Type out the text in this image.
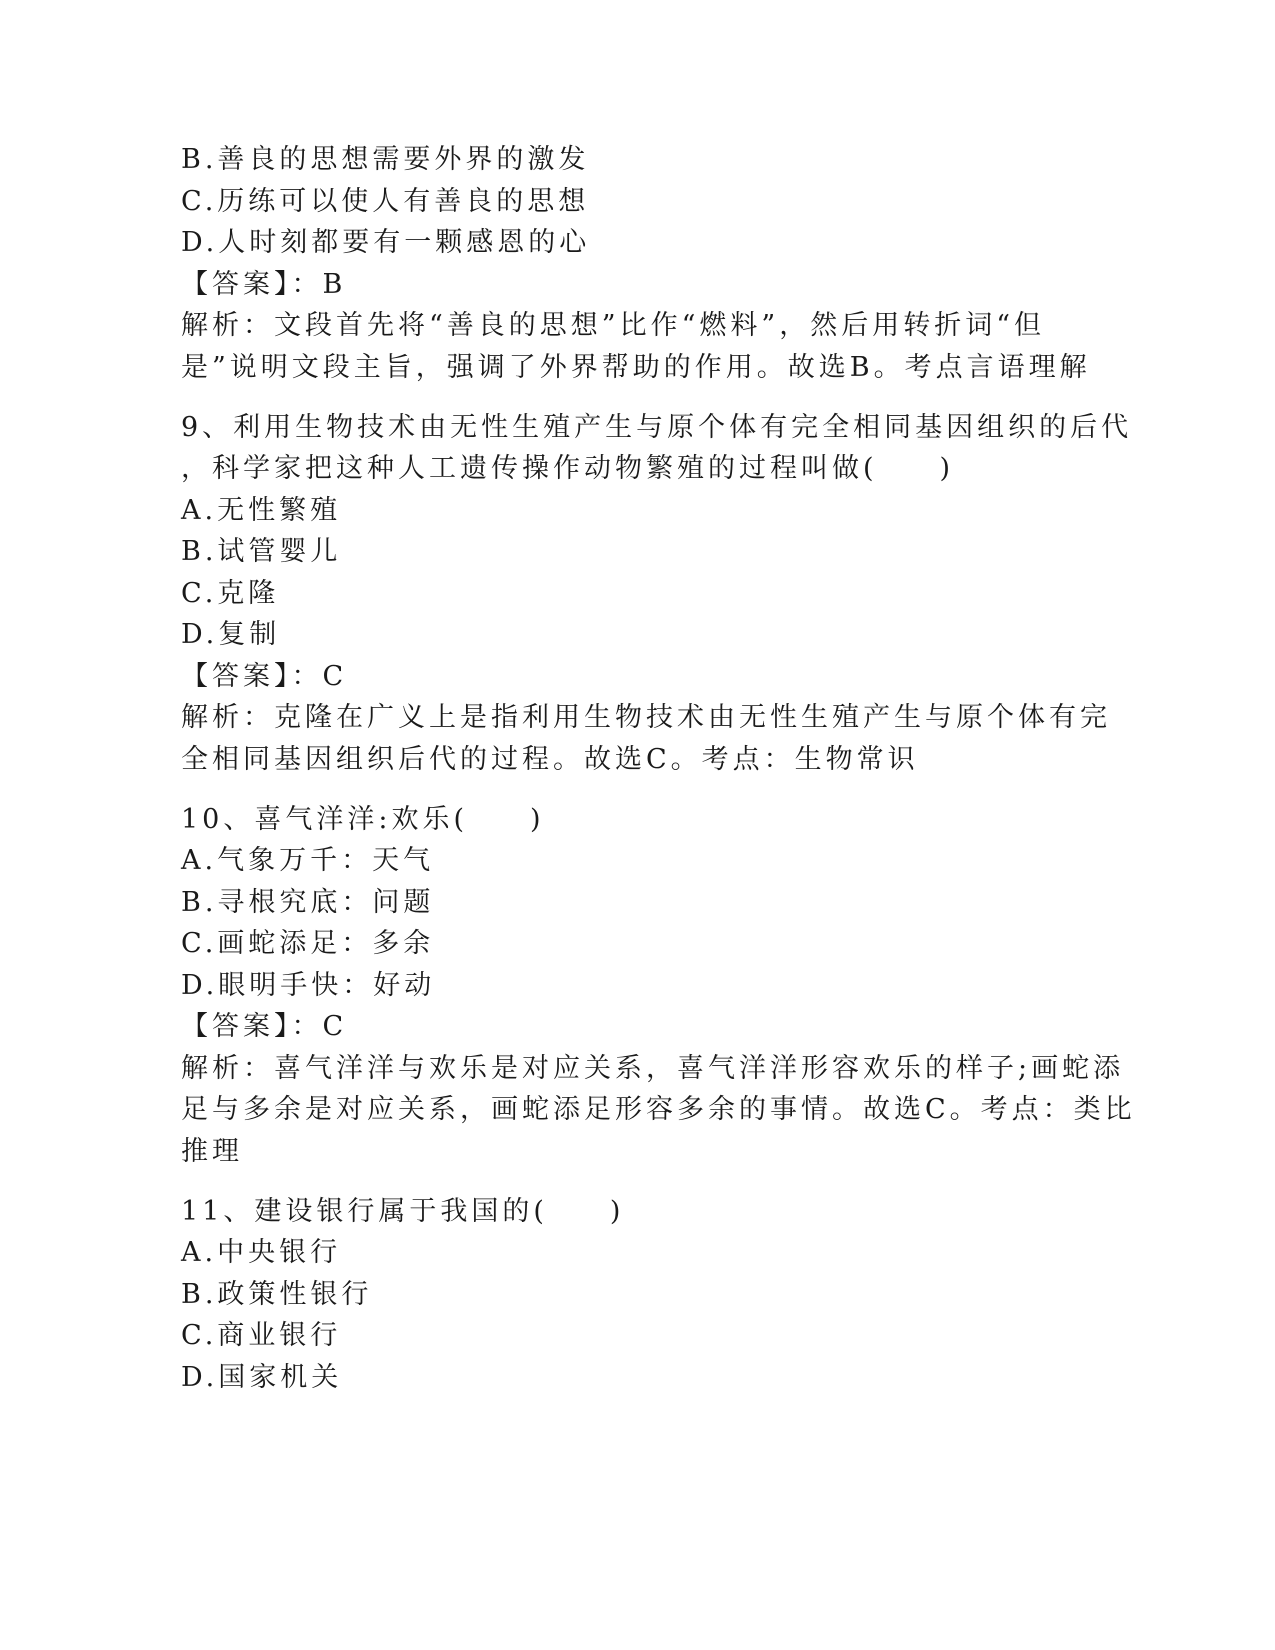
B.善良的思想需要外界的激发
C.历练可以使人有善良的思想
D.人时刻都要有一颗感恩的心
【答案】：B
解析：文段首先将“善良的思想”比作“燃料”，然后用转折词“但
是”说明文段主旨，强调了外界帮助的作用。故选B。考点言语理解
9、利用生物技术由无性生殖产生与原个体有完全相同基因组织的后代
，科学家把这种人工遗传操作动物繁殖的过程叫做(　　)
A.无性繁殖
B.试管婴儿
C.克隆
D.复制
【答案】：C
解析：克隆在广义上是指利用生物技术由无性生殖产生与原个体有完
全相同基因组织后代的过程。故选C。考点：生物常识
10、喜气洋洋:欢乐(　　)
A.气象万千：天气
B.寻根究底：问题
C.画蛇添足：多余
D.眼明手快：好动
【答案】：C
解析：喜气洋洋与欢乐是对应关系，喜气洋洋形容欢乐的样子;画蛇添
足与多余是对应关系，画蛇添足形容多余的事情。故选C。考点：类比
推理
11、建设银行属于我国的(　　)
A.中央银行
B.政策性银行
C.商业银行
D.国家机关
